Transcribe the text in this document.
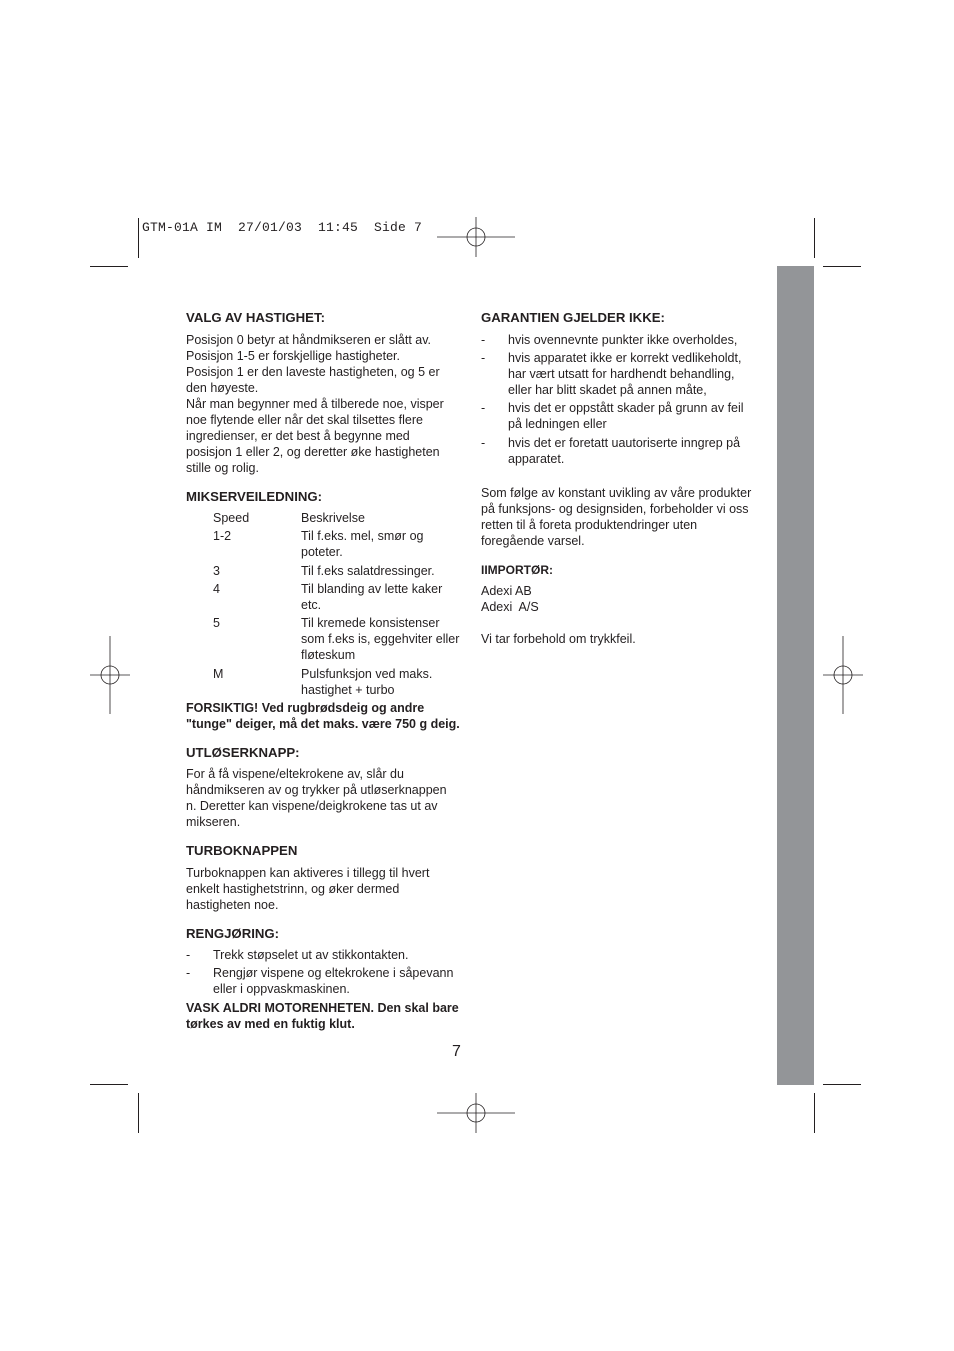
GTM-01A IM  27/01/03  11:45  Side 7
VALG AV HASTIGHET:

Posisjon 0 betyr at håndmikseren er slått av.

Posisjon 1-5 er forskjellige hastigheter.

Posisjon 1 er den laveste hastigheten, og 5 er

den høyeste.

Når man begynner med å tilberede noe, visper

noe flytende eller når det skal tilsettes flere

ingredienser, er det best å begynne med

posisjon 1 eller 2, og deretter øke hastigheten

stille og rolig.

MIKSERVEILEDNING:
Speed	Beskrivelse

1-2	Til f.eks. mel, smør og

poteter.

3	Til f.eks salatdressinger.

4	Til blanding av lette kaker

etc.

5	Til kremede konsistenser

som f.eks is, eggehviter eller

fløteskum

M	Pulsfunksjon ved maks.

hastighet + turbo

FORSIKTIG! Ved rugbrødsdeig og andre

"tunge" deiger, må det maks. være 750 g deig.

UTLØSERKNAPP:

For å få vispene/eltekrokene av, slår du

håndmikseren av og trykker på utløserknappen

n. Deretter kan vispene/deigkrokene tas ut av

mikseren.

TURBOKNAPPEN

Turboknappen kan aktiveres i tillegg til hvert

enkelt hastighetstrinn, og øker dermed

hastigheten noe.

RENGJØRING:
- Trekk støpselet ut av stikkontakten.

- Rengjør vispene og eltekrokene i såpevann

eller i oppvaskmaskinen.

VASK ALDRI MOTORENHETEN. Den skal bare

tørkes av med en fuktig klut.

GARANTIEN GJELDER IKKE:
- hvis ovennevnte punkter ikke overholdes,

- hvis apparatet ikke er korrekt vedlikeholdt,

har vært utsatt for hardhendt behandling,

eller har blitt skadet på annen måte,

- hvis det er oppstått skader på grunn av feil

på ledningen eller

- hvis det er foretatt uautoriserte inngrep på

apparatet.

Som følge av konstant uvikling av våre produkter

på funksjons- og designsiden, forbeholder vi oss

retten til å foreta produktendringer uten

foregående varsel.

IIMPORTØR:

Adexi AB

Adexi  A/S

Vi tar forbehold om trykkfeil.

7
